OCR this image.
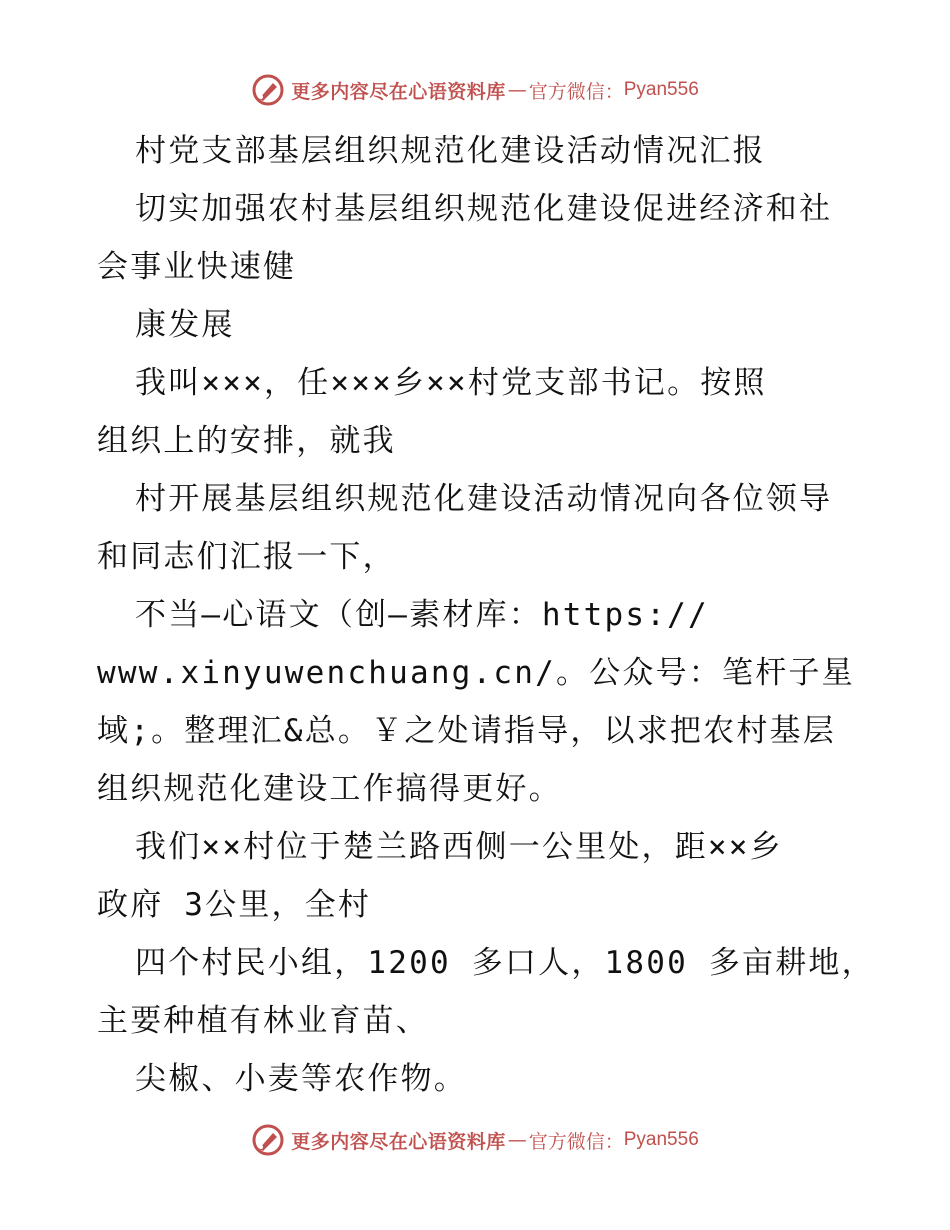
更多内容尽在心语资料库 — 官方微信： Pyan556
村党支部基层组织规范化建设活动情况汇报
切实加强农村基层组织规范化建设促进经济和社
会事业快速健
康发展
我叫×××，任×××乡××村党支部书记。按照
组织上的安排，就我
村开展基层组织规范化建设活动情况向各位领导
和同志们汇报一下，
不当—心语文（创—素材库：https://
www.xinyuwenchuang.cn/。公众号：笔杆子星
域;。整理汇&总。￥之处请指导，以求把农村基层
组织规范化建设工作搞得更好。
我们××村位于楚兰路西侧一公里处，距××乡
政府 3公里，全村
四个村民小组，1200 多口人，1800 多亩耕地，
主要种植有林业育苗、
尖椒、小麦等农作物。
更多内容尽在心语资料库 — 官方微信： Pyan556
